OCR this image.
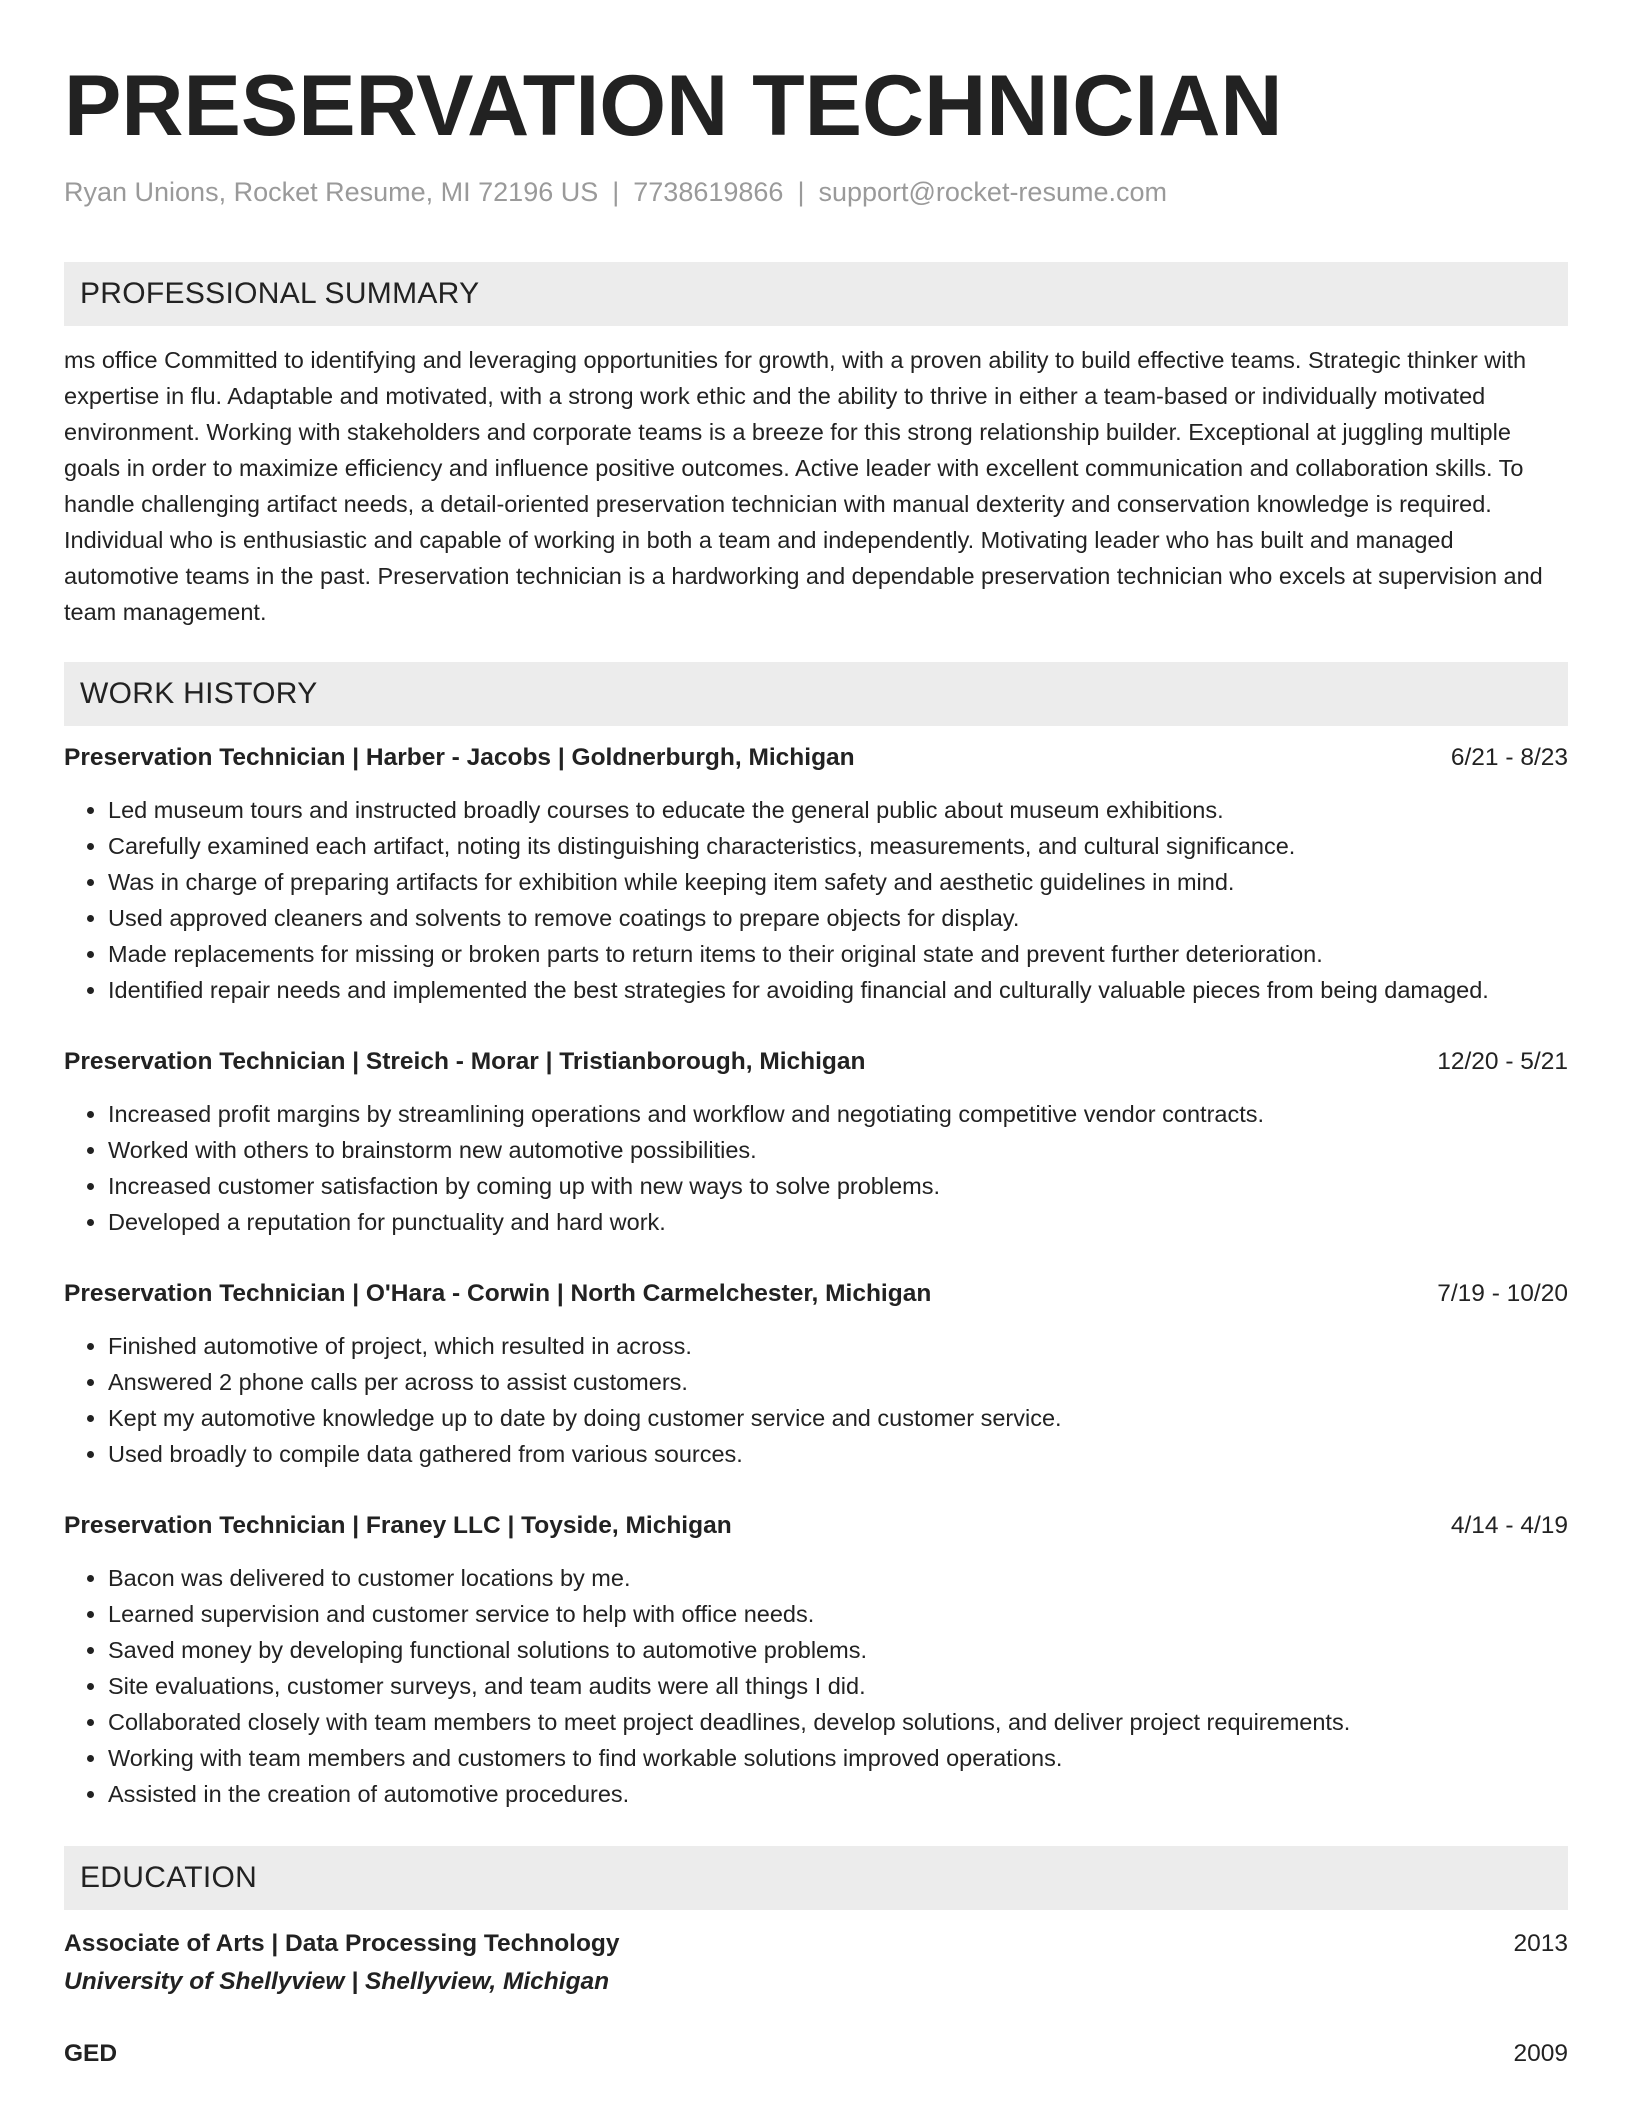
PRESERVATION TECHNICIAN
Ryan Unions, Rocket Resume, MI 72196 US | 7738619866 | support@rocket-resume.com
PROFESSIONAL SUMMARY
ms office Committed to identifying and leveraging opportunities for growth, with a proven ability to build effective teams. Strategic thinker with expertise in flu. Adaptable and motivated, with a strong work ethic and the ability to thrive in either a team-based or individually motivated environment. Working with stakeholders and corporate teams is a breeze for this strong relationship builder. Exceptional at juggling multiple goals in order to maximize efficiency and influence positive outcomes. Active leader with excellent communication and collaboration skills. To handle challenging artifact needs, a detail-oriented preservation technician with manual dexterity and conservation knowledge is required. Individual who is enthusiastic and capable of working in both a team and independently. Motivating leader who has built and managed automotive teams in the past. Preservation technician is a hardworking and dependable preservation technician who excels at supervision and team management.
WORK HISTORY
Preservation Technician | Harber - Jacobs | Goldnerburgh, Michigan	6/21 - 8/23
• Led museum tours and instructed broadly courses to educate the general public about museum exhibitions.
• Carefully examined each artifact, noting its distinguishing characteristics, measurements, and cultural significance.
• Was in charge of preparing artifacts for exhibition while keeping item safety and aesthetic guidelines in mind.
• Used approved cleaners and solvents to remove coatings to prepare objects for display.
• Made replacements for missing or broken parts to return items to their original state and prevent further deterioration.
• Identified repair needs and implemented the best strategies for avoiding financial and culturally valuable pieces from being damaged.
Preservation Technician | Streich - Morar | Tristianborough, Michigan	12/20 - 5/21
• Increased profit margins by streamlining operations and workflow and negotiating competitive vendor contracts.
• Worked with others to brainstorm new automotive possibilities.
• Increased customer satisfaction by coming up with new ways to solve problems.
• Developed a reputation for punctuality and hard work.
Preservation Technician | O'Hara - Corwin | North Carmelchester, Michigan	7/19 - 10/20
• Finished automotive of project, which resulted in across.
• Answered 2 phone calls per across to assist customers.
• Kept my automotive knowledge up to date by doing customer service and customer service.
• Used broadly to compile data gathered from various sources.
Preservation Technician | Franey LLC | Toyside, Michigan	4/14 - 4/19
• Bacon was delivered to customer locations by me.
• Learned supervision and customer service to help with office needs.
• Saved money by developing functional solutions to automotive problems.
• Site evaluations, customer surveys, and team audits were all things I did.
• Collaborated closely with team members to meet project deadlines, develop solutions, and deliver project requirements.
• Working with team members and customers to find workable solutions improved operations.
• Assisted in the creation of automotive procedures.
EDUCATION
Associate of Arts | Data Processing Technology	2013
University of Shellyview | Shellyview, Michigan
GED	2009
